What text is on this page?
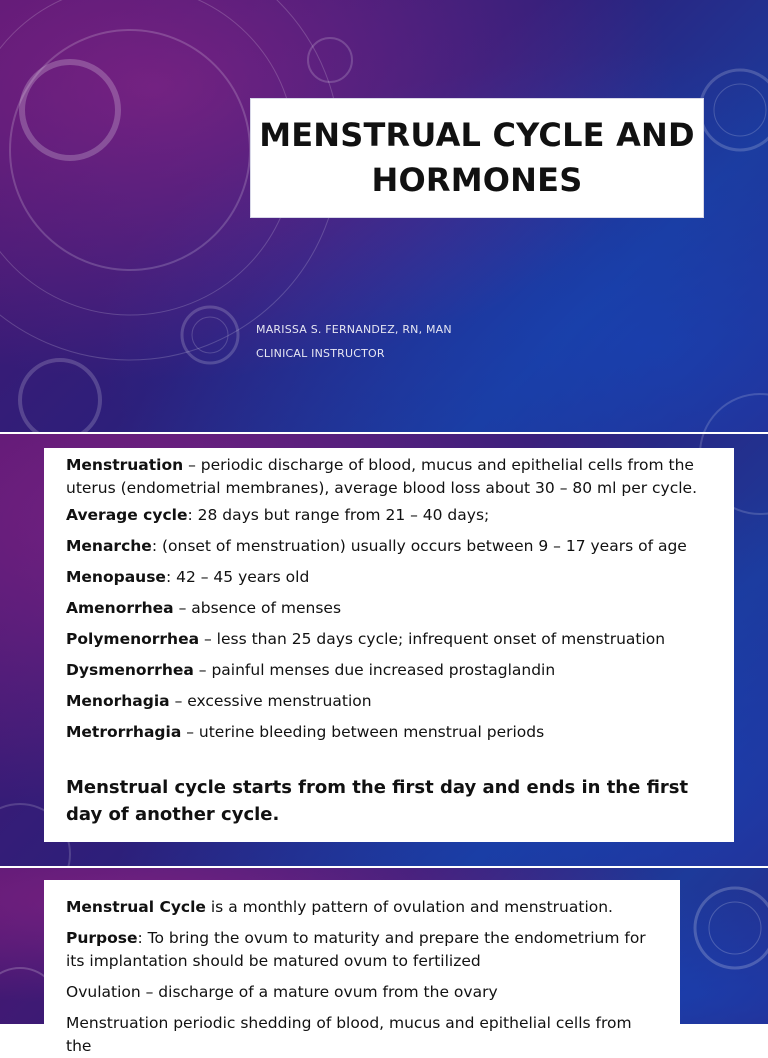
MENSTRUAL CYCLE AND HORMONES
MARISSA S. FERNANDEZ, RN, MAN
CLINICAL INSTRUCTOR

Menstruation – periodic discharge of blood, mucus and epithelial cells from the uterus (endometrial membranes), average blood loss about 30 – 80 ml per cycle.

Average cycle: 28 days but range from 21 – 40 days;

Menarche: (onset of menstruation) usually occurs between 9 – 17 years of age

Menopause: 42 – 45 years old

Amenorrhea – absence of menses

Polymenorrhea – less than 25 days cycle; infrequent onset of menstruation

Dysmenorrhea – painful menses due increased prostaglandin

Menorhagia – excessive menstruation

Metrorrhagia – uterine bleeding between menstrual periods

Menstrual cycle starts from the first day and ends in the first day of another cycle.

Menstrual Cycle is a monthly pattern of ovulation and menstruation.

Purpose: To bring the ovum to maturity and prepare the endometrium for its implantation should be matured ovum to fertilized

Ovulation – discharge of a mature ovum from the ovary

Menstruation periodic shedding of blood, mucus and epithelial cells from the
